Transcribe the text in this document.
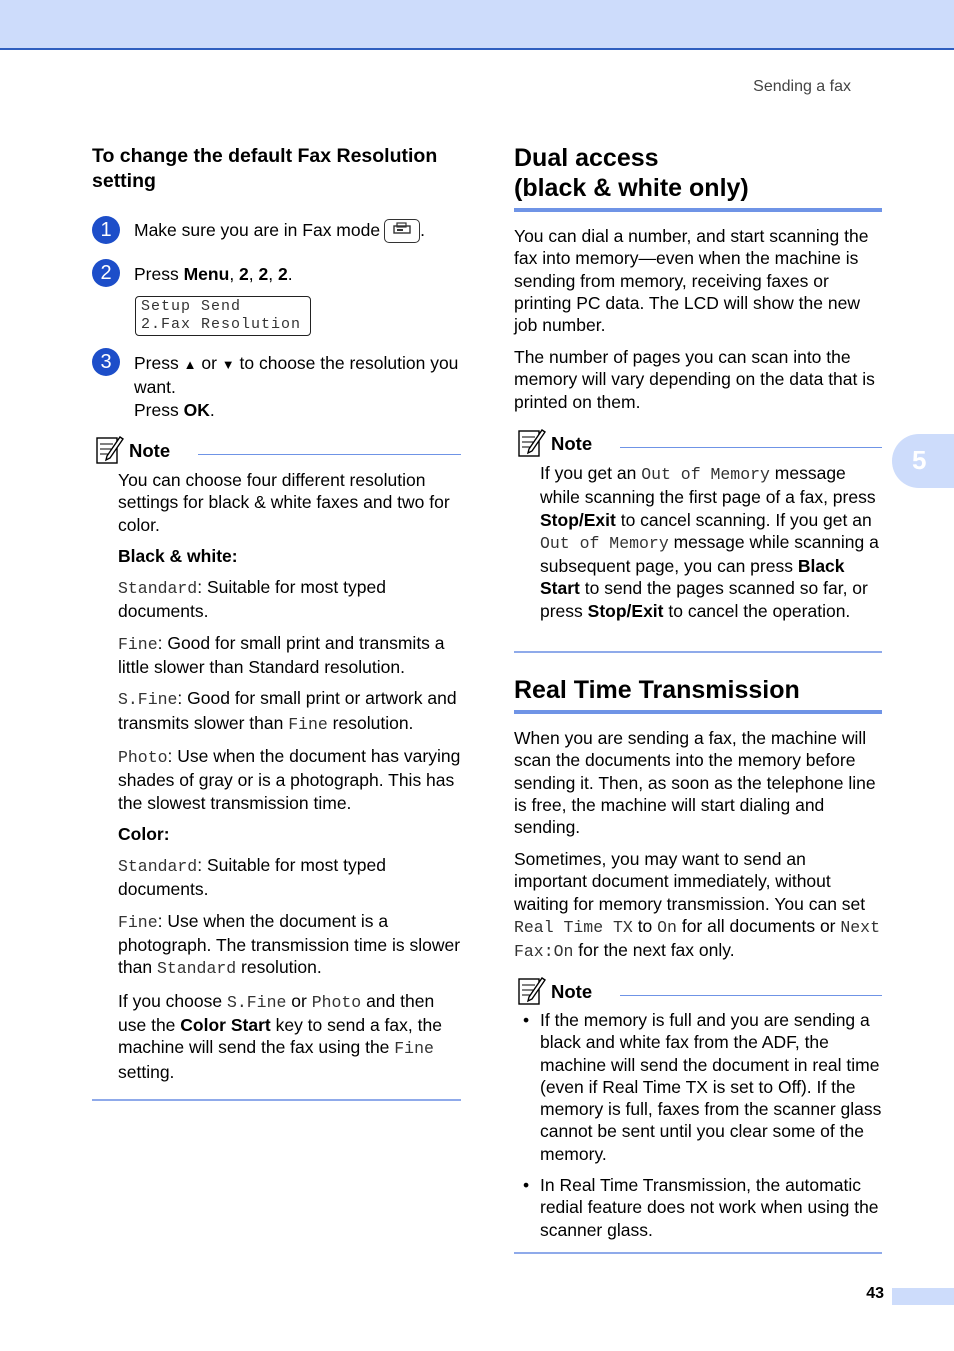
Sending a fax
5
To change the default Fax Resolution setting
1	Make sure you are in Fax mode .
2	Press Menu, 2, 2, 2.
Setup Send
2.Fax Resolution
3	Press ▲ or ▼ to choose the resolution you want.
Press OK.
Note

You can choose four different resolution settings for black & white faxes and two for color.

Black & white:

Standard: Suitable for most typed documents.

Fine: Good for small print and transmits a little slower than Standard resolution.

S.Fine: Good for small print or artwork and transmits slower than Fine resolution.

Photo: Use when the document has varying shades of gray or is a photograph. This has the slowest transmission time.

Color:

Standard: Suitable for most typed documents.

Fine: Use when the document is a photograph. The transmission time is slower than Standard resolution.

If you choose S.Fine or Photo and then use the Color Start key to send a fax, the machine will send the fax using the Fine setting.

Dual access
(black & white only)
You can dial a number, and start scanning the fax into memory—even when the machine is sending from memory, receiving faxes or printing PC data. The LCD will show the new job number.
The number of pages you can scan into the memory will vary depending on the data that is printed on them.
Note
If you get an Out of Memory message while scanning the first page of a fax, press Stop/Exit to cancel scanning. If you get an Out of Memory message while scanning a subsequent page, you can press Black Start to send the pages scanned so far, or press Stop/Exit to cancel the operation.
Real Time Transmission
When you are sending a fax, the machine will scan the documents into the memory before sending it. Then, as soon as the telephone line is free, the machine will start dialing and sending.
Sometimes, you may want to send an important document immediately, without waiting for memory transmission. You can set Real Time TX to On for all documents or Next Fax:On for the next fax only.
Note
• If the memory is full and you are sending a black and white fax from the ADF, the machine will send the document in real time (even if Real Time TX is set to Off). If the memory is full, faxes from the scanner glass cannot be sent until you clear some of the memory.
• In Real Time Transmission, the automatic redial feature does not work when using the scanner glass.
43
